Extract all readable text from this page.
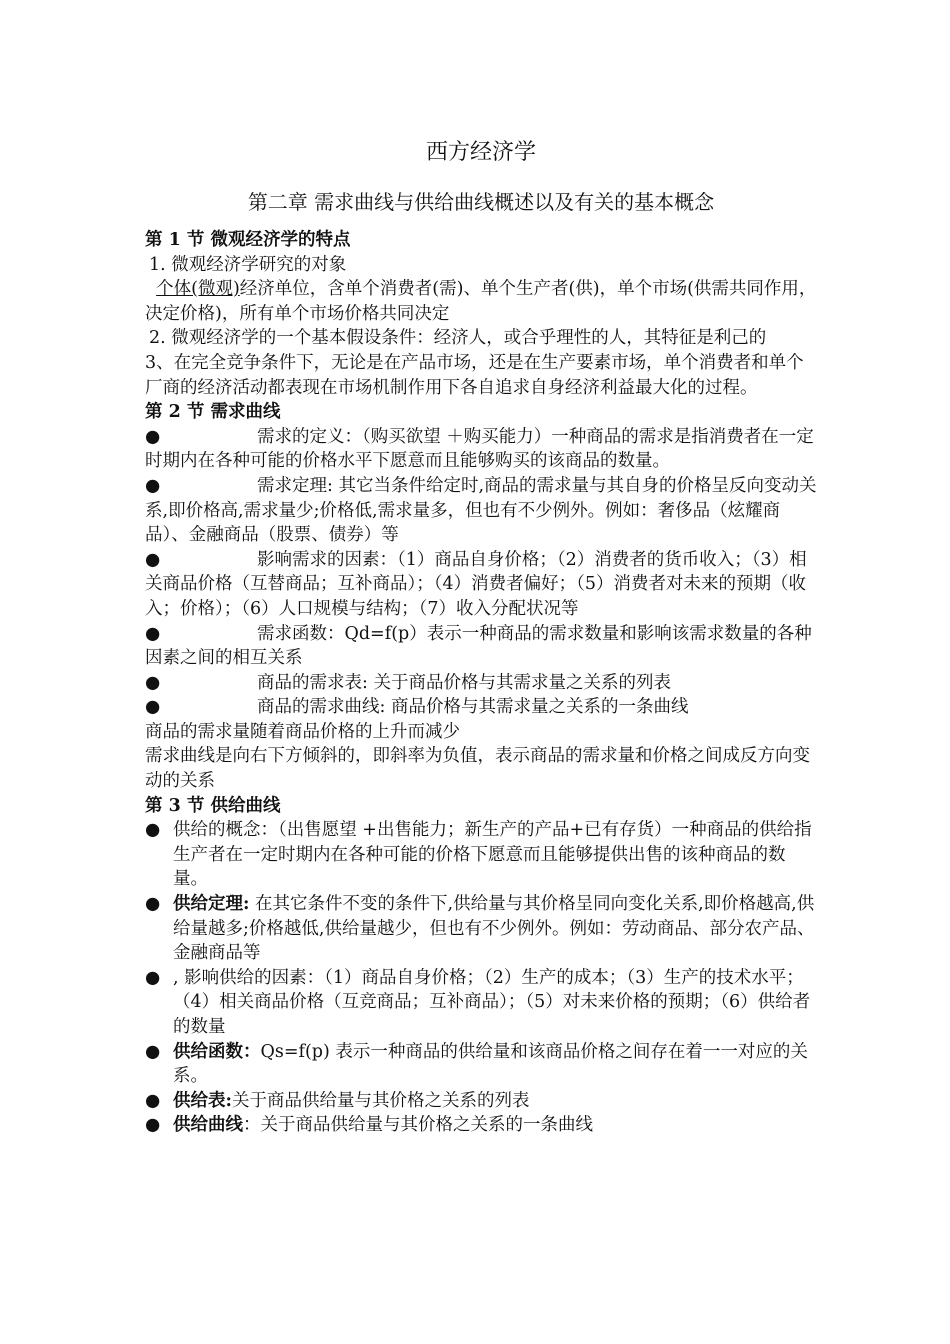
西方经济学
第二章 需求曲线与供给曲线概述以及有关的基本概念

第 1 节 微观经济学的特点

1. 微观经济学研究的对象

个体(微观)经济单位，含单个消费者(需)、单个生产者(供)，单个市场(供需共同作用，决定价格)，所有单个市场价格共同决定

2. 微观经济学的一个基本假设条件：经济人，或合乎理性的人，其特征是利己的

3、在完全竞争条件下，无论是在产品市场，还是在生产要素市场，单个消费者和单个厂商的经济活动都表现在市场机制作用下各自追求自身经济利益最大化的过程。

第 2 节 需求曲线

●	需求的定义：（购买欲望 ＋购买能力）一种商品的需求是指消费者在一定时期内在各种可能的价格水平下愿意而且能够购买的该商品的数量。

●	需求定理: 其它当条件给定时,商品的需求量与其自身的价格呈反向变动关系,即价格高,需求量少;价格低,需求量多，但也有不少例外。例如：奢侈品（炫耀商品）、金融商品（股票、债券）等

●	影响需求的因素：（1）商品自身价格；（2）消费者的货币收入；（3）相关商品价格（互替商品；互补商品）；（4）消费者偏好；（5）消费者对未来的预期（收入；价格）；（6）人口规模与结构；（7）收入分配状况等

●	需求函数：Qd=f(p）表示一种商品的需求数量和影响该需求数量的各种因素之间的相互关系

●	商品的需求表: 关于商品价格与其需求量之关系的列表

●	商品的需求曲线: 商品价格与其需求量之关系的一条曲线

商品的需求量随着商品价格的上升而减少

需求曲线是向右下方倾斜的，即斜率为负值，表示商品的需求量和价格之间成反方向变动的关系

第 3 节 供给曲线

● 供给的概念：（出售愿望 +出售能力；新生产的产品+已有存货）一种商品的供给指生产者在一定时期内在各种可能的价格下愿意而且能够提供出售的该种商品的数量。
● 供给定理: 在其它条件不变的条件下,供给量与其价格呈同向变化关系,即价格越高,供给量越多;价格越低,供给量越少，但也有不少例外。例如：劳动商品、部分农产品、金融商品等
● , 影响供给的因素：（1）商品自身价格；（2）生产的成本；（3）生产的技术水平； （4）相关商品价格（互竞商品；互补商品）；（5）对未来价格的预期；（6）供给者的数量
● 供给函数：Qs=f(p) 表示一种商品的供给量和该商品价格之间存在着一一对应的关系。
● 供给表:关于商品供给量与其价格之关系的列表
● 供给曲线：关于商品供给量与其价格之关系的一条曲线
